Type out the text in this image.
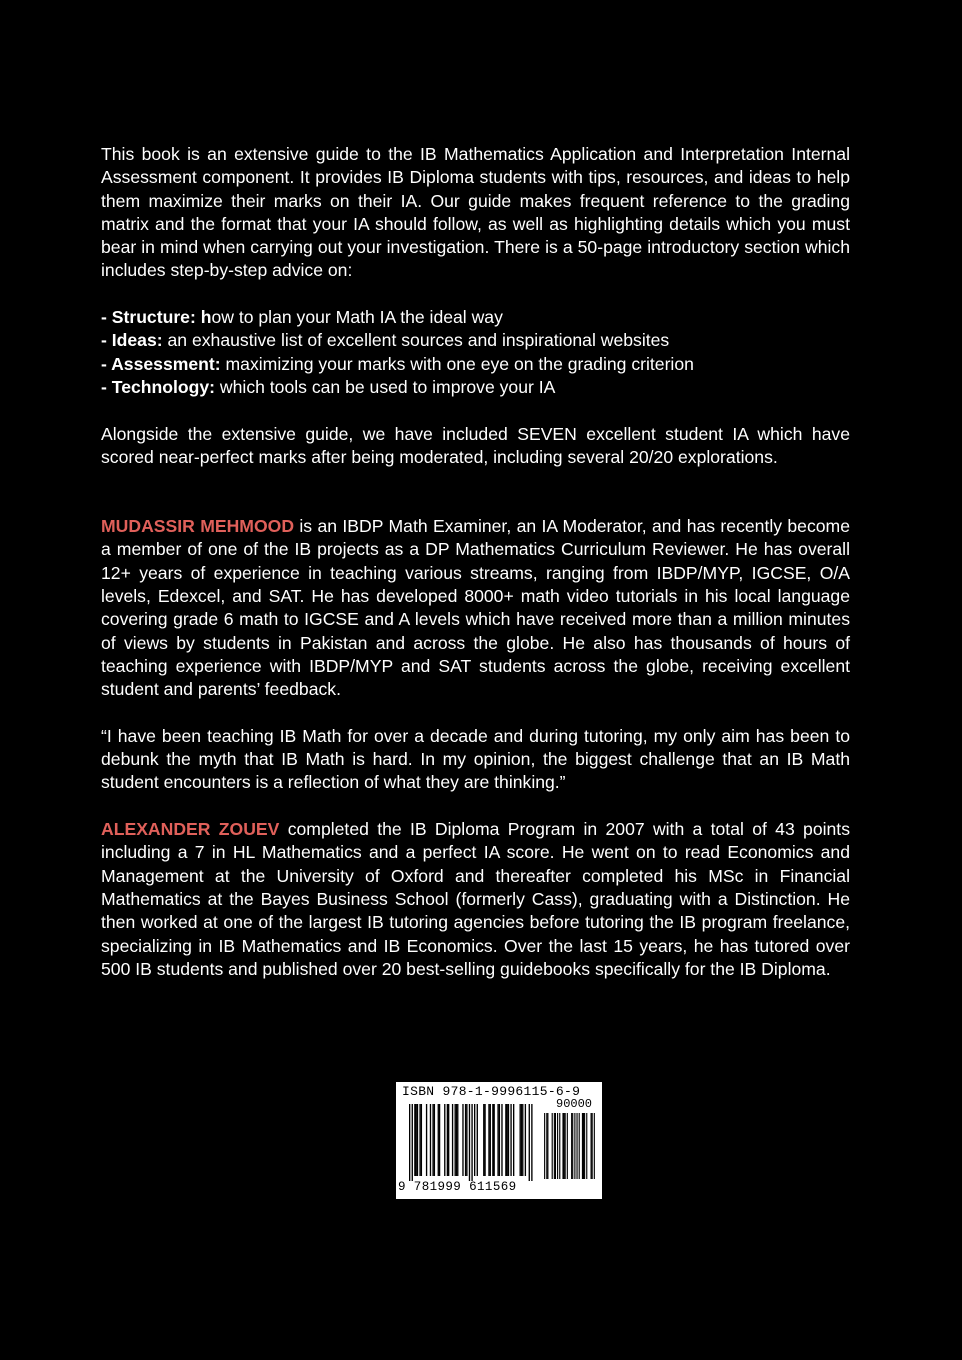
This book is an extensive guide to the IB Mathematics Application and Interpretation Internal Assessment component. It provides IB Diploma students with tips, resources, and ideas to help them maximize their marks on their IA. Our guide makes frequent reference to the grading matrix and the format that your IA should follow, as well as highlighting details which you must bear in mind when carrying out your investigation. There is a 50-page introductory section which includes step-by-step advice on:

- Structure: how to plan your Math IA the ideal way
- Ideas: an exhaustive list of excellent sources and inspirational websites
- Assessment: maximizing your marks with one eye on the grading criterion
- Technology: which tools can be used to improve your IA

Alongside the extensive guide, we have included SEVEN excellent student IA which have scored near-perfect marks after being moderated, including several 20/20 explorations.

MUDASSIR MEHMOOD is an IBDP Math Examiner, an IA Moderator, and has recently become a member of one of the IB projects as a DP Mathematics Curriculum Reviewer. He has overall 12+ years of experience in teaching various streams, ranging from IBDP/MYP, IGCSE, O/A levels, Edexcel, and SAT. He has developed 8000+ math video tutorials in his local language covering grade 6 math to IGCSE and A levels which have received more than a million minutes of views by students in Pakistan and across the globe. He also has thousands of hours of teaching experience with IBDP/MYP and SAT students across the globe, receiving excellent student and parents’ feedback.

“I have been teaching IB Math for over a decade and during tutoring, my only aim has been to debunk the myth that IB Math is hard. In my opinion, the biggest challenge that an IB Math student encounters is a reflection of what they are thinking.”

ALEXANDER ZOUEV completed the IB Diploma Program in 2007 with a total of 43 points including a 7 in HL Mathematics and a perfect IA score. He went on to read Economics and Management at the University of Oxford and thereafter completed his MSc in Financial Mathematics at the Bayes Business School (formerly Cass), graduating with a Distinction. He then worked at one of the largest IB tutoring agencies before tutoring the IB program freelance, specializing in IB Mathematics and IB Economics. Over the last 15 years, he has tutored over 500 IB students and published over 20 best-selling guidebooks specifically for the IB Diploma.

ISBN 978-1-9996115-6-9
90000
9 781999 611569
